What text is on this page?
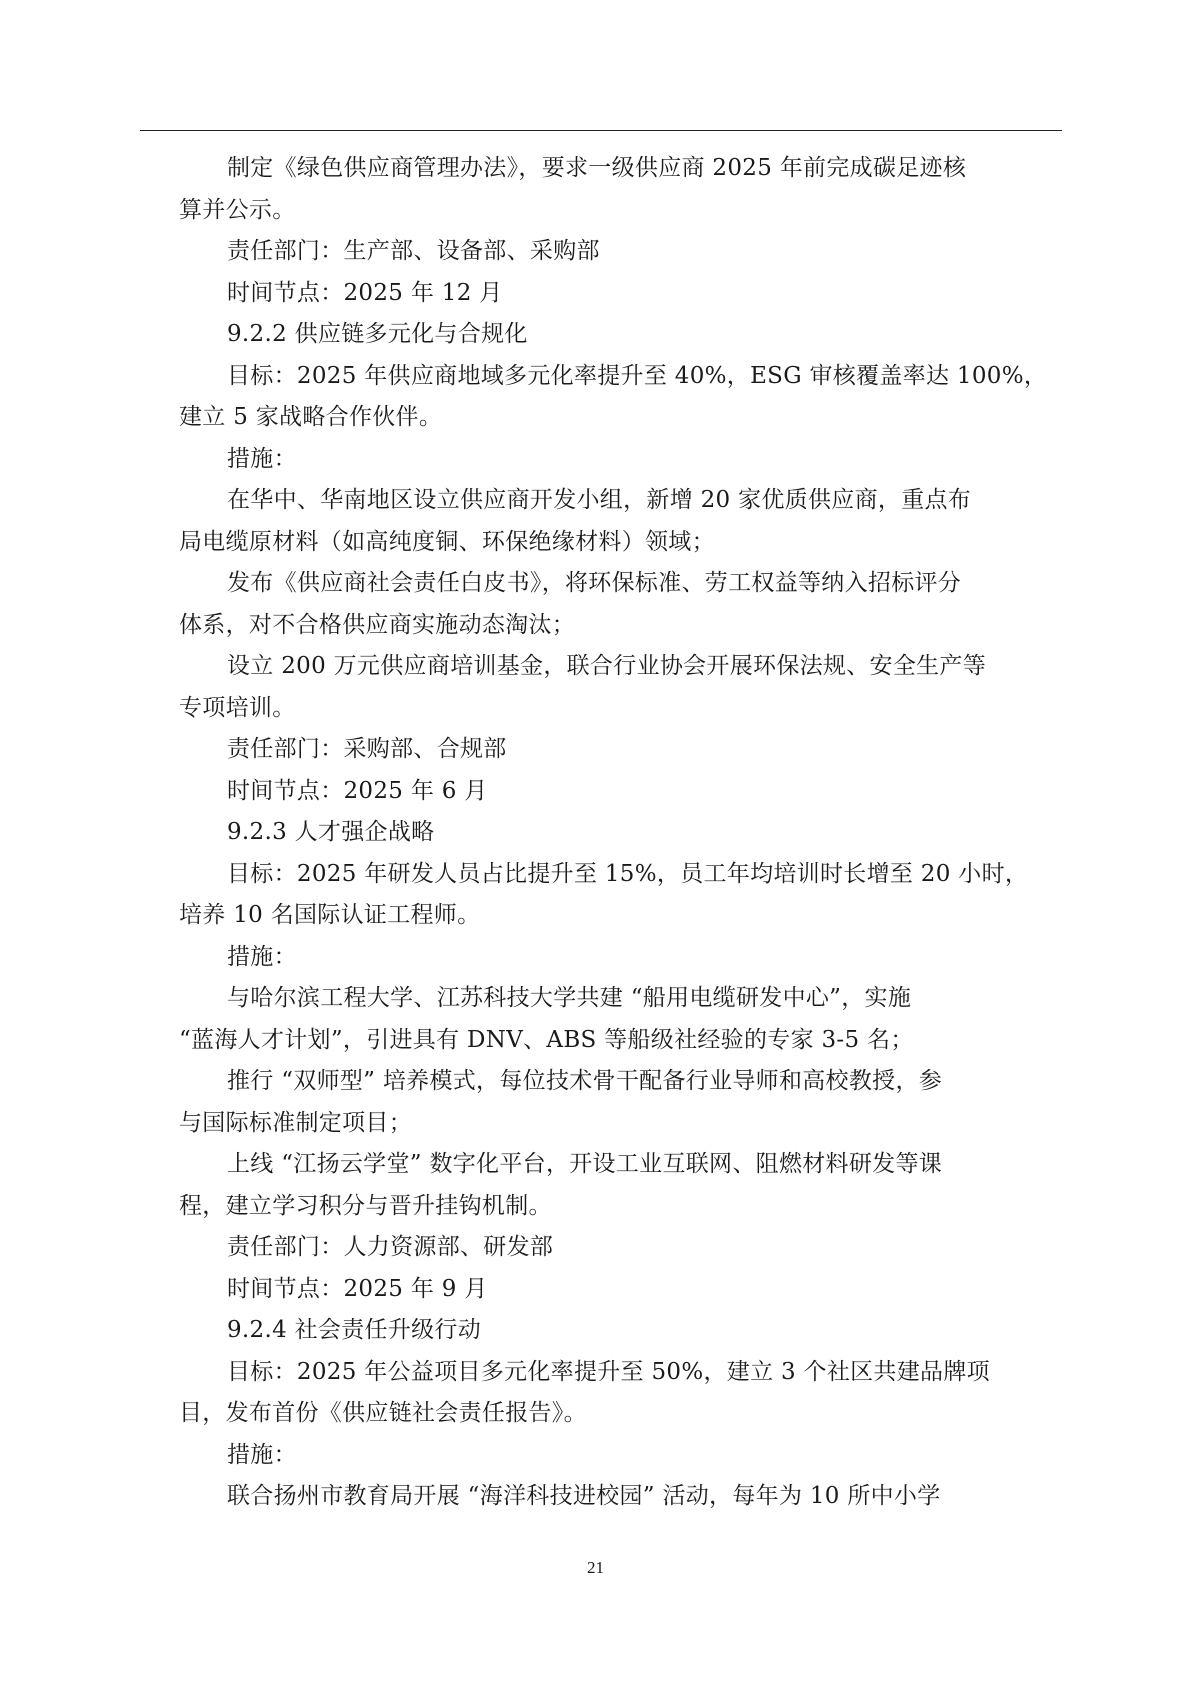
制定《绿色供应商管理办法》，要求一级供应商 2025 年前完成碳足迹核
算并公示。
责任部门：生产部、设备部、采购部
时间节点：2025 年 12 月
9.2.2 供应链多元化与合规化
目标：2025 年供应商地域多元化率提升至 40%，ESG 审核覆盖率达 100%，
建立 5 家战略合作伙伴。
措施：
在华中、华南地区设立供应商开发小组，新增 20 家优质供应商，重点布
局电缆原材料（如高纯度铜、环保绝缘材料）领域；
发布《供应商社会责任白皮书》，将环保标准、劳工权益等纳入招标评分
体系，对不合格供应商实施动态淘汰；
设立 200 万元供应商培训基金，联合行业协会开展环保法规、安全生产等
专项培训。
责任部门：采购部、合规部
时间节点：2025 年 6 月
9.2.3 人才强企战略
目标：2025 年研发人员占比提升至 15%，员工年均培训时长增至 20 小时，
培养 10 名国际认证工程师。
措施：
与哈尔滨工程大学、江苏科技大学共建 “船用电缆研发中心”，实施
“蓝海人才计划”，引进具有 DNV、ABS 等船级社经验的专家 3-5 名；
推行 “双师型” 培养模式，每位技术骨干配备行业导师和高校教授，参
与国际标准制定项目；
上线 “江扬云学堂” 数字化平台，开设工业互联网、阻燃材料研发等课
程，建立学习积分与晋升挂钩机制。
责任部门：人力资源部、研发部
时间节点：2025 年 9 月
9.2.4 社会责任升级行动
目标：2025 年公益项目多元化率提升至 50%，建立 3 个社区共建品牌项
目，发布首份《供应链社会责任报告》。
措施：
联合扬州市教育局开展 “海洋科技进校园” 活动，每年为 10 所中小学
21
